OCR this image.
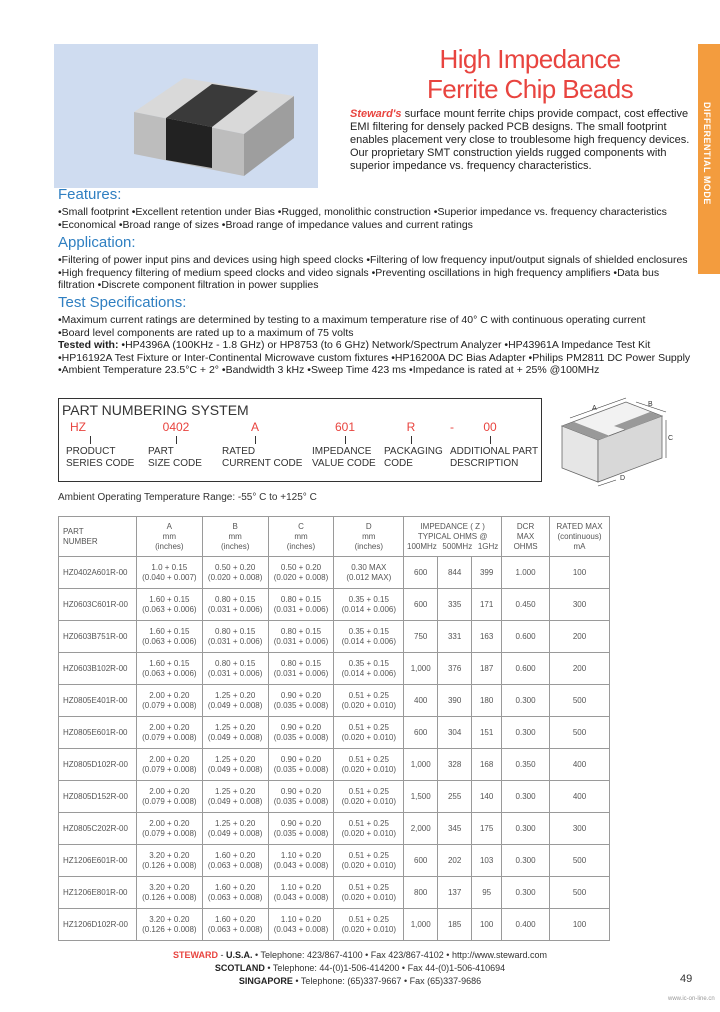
DIFFERENTIAL MODE
High Impedance
Ferrite Chip Beads
Steward's surface mount ferrite chips provide compact, cost effective EMI filtering for densely packed PCB designs. The small footprint enables placement very close to troublesome high frequency devices. Our proprietary SMT construction yields rugged components with superior impedance vs. frequency characteristics.
Features:
•Small footprint •Excellent retention under Bias •Rugged, monolithic construction •Superior impedance vs. frequency characteristics •Economical •Broad range of sizes •Broad range of impedance values and current ratings
Application:
•Filtering of power input pins and devices using high speed clocks •Filtering of low frequency input/output signals of shielded enclosures •High frequency filtering of medium speed clocks and video signals •Preventing oscillations in high frequency amplifiers •Data bus filtration •Discrete component filtration in power supplies
Test Specifications:
•Maximum current ratings are determined by testing to a maximum temperature rise of 40° C with continuous operating current
•Board level components are rated up to a maximum of 75 volts
Tested with: •HP4396A (100KHz - 1.8 GHz) or HP8753 (to 6 GHz) Network/Spectrum Analyzer •HP43961A Impedance Test Kit •HP16192A Test Fixture or Inter-Continental Microwave custom fixtures •HP16200A DC Bias Adapter •Philips PM2811 DC Power Supply •Ambient Temperature 23.5°C + 2° •Bandwidth 3 kHz •Sweep Time 423 ms •Impedance is rated at + 25% @100MHz
PART NUMBERING SYSTEM
HZ	0402	A	601	R	- 00
PRODUCT
SERIES CODE
PART
SIZE CODE
RATED
CURRENT CODE
IMPEDANCE
VALUE CODE
PACKAGING
CODE
ADDITIONAL PART
DESCRIPTION
A
B
C
D
Ambient Operating Temperature Range: -55° C to +125° C
PART
NUMBER	A
mm
(inches)	B
mm
(inches)	C
mm
(inches)	D
mm
(inches)	IMPEDANCE ( Z )
TYPICAL OHMS @
100MHz 500MHz 1GHz			DCR
MAX
OHMS	RATED MAX
(continuous)
mA

HZ0402A601R-00	1.0 + 0.15
(0.040 + 0.007)	0.50 + 0.20
(0.020 + 0.008)	0.50 + 0.20
(0.020 + 0.008)	0.30 MAX
(0.012 MAX)	600	844	399	1.000	100
HZ0603C601R-00	1.60 + 0.15
(0.063 + 0.006)	0.80 + 0.15
(0.031 + 0.006)	0.80 + 0.15
(0.031 + 0.006)	0.35 + 0.15
(0.014 + 0.006)	600	335	171	0.450	300
HZ0603B751R-00	1.60 + 0.15
(0.063 + 0.006)	0.80 + 0.15
(0.031 + 0.006)	0.80 + 0.15
(0.031 + 0.006)	0.35 + 0.15
(0.014 + 0.006)	750	331	163	0.600	200
HZ0603B102R-00	1.60 + 0.15
(0.063 + 0.006)	0.80 + 0.15
(0.031 + 0.006)	0.80 + 0.15
(0.031 + 0.006)	0.35 + 0.15
(0.014 + 0.006)	1,000	376	187	0.600	200
HZ0805E401R-00	2.00 + 0.20
(0.079 + 0.008)	1.25 + 0.20
(0.049 + 0.008)	0.90 + 0.20
(0.035 + 0.008)	0.51 + 0.25
(0.020 + 0.010)	400	390	180	0.300	500
HZ0805E601R-00	2.00 + 0.20
(0.079 + 0.008)	1.25 + 0.20
(0.049 + 0.008)	0.90 + 0.20
(0.035 + 0.008)	0.51 + 0.25
(0.020 + 0.010)	600	304	151	0.300	500
HZ0805D102R-00	2.00 + 0.20
(0.079 + 0.008)	1.25 + 0.20
(0.049 + 0.008)	0.90 + 0.20
(0.035 + 0.008)	0.51 + 0.25
(0.020 + 0.010)	1,000	328	168	0.350	400
HZ0805D152R-00	2.00 + 0.20
(0.079 + 0.008)	1.25 + 0.20
(0.049 + 0.008)	0.90 + 0.20
(0.035 + 0.008)	0.51 + 0.25
(0.020 + 0.010)	1,500	255	140	0.300	400
HZ0805C202R-00	2.00 + 0.20
(0.079 + 0.008)	1.25 + 0.20
(0.049 + 0.008)	0.90 + 0.20
(0.035 + 0.008)	0.51 + 0.25
(0.020 + 0.010)	2,000	345	175	0.300	300
HZ1206E601R-00	3.20 + 0.20
(0.126 + 0.008)	1.60 + 0.20
(0.063 + 0.008)	1.10 + 0.20
(0.043 + 0.008)	0.51 + 0.25
(0.020 + 0.010)	600	202	103	0.300	500
HZ1206E801R-00	3.20 + 0.20
(0.126 + 0.008)	1.60 + 0.20
(0.063 + 0.008)	1.10 + 0.20
(0.043 + 0.008)	0.51 + 0.25
(0.020 + 0.010)	800	137	95	0.300	500
HZ1206D102R-00	3.20 + 0.20
(0.126 + 0.008)	1.60 + 0.20
(0.063 + 0.008)	1.10 + 0.20
(0.043 + 0.008)	0.51 + 0.25
(0.020 + 0.010)	1,000	185	100	0.400	100
STEWARD - U.S.A. • Telephone: 423/867-4100 • Fax 423/867-4102 • http://www.steward.com
SCOTLAND • Telephone: 44-(0)1-506-414200 • Fax 44-(0)1-506-410694
SINGAPORE • Telephone: (65)337-9667 • Fax (65)337-9686	49
www.ic-on-line.cn
